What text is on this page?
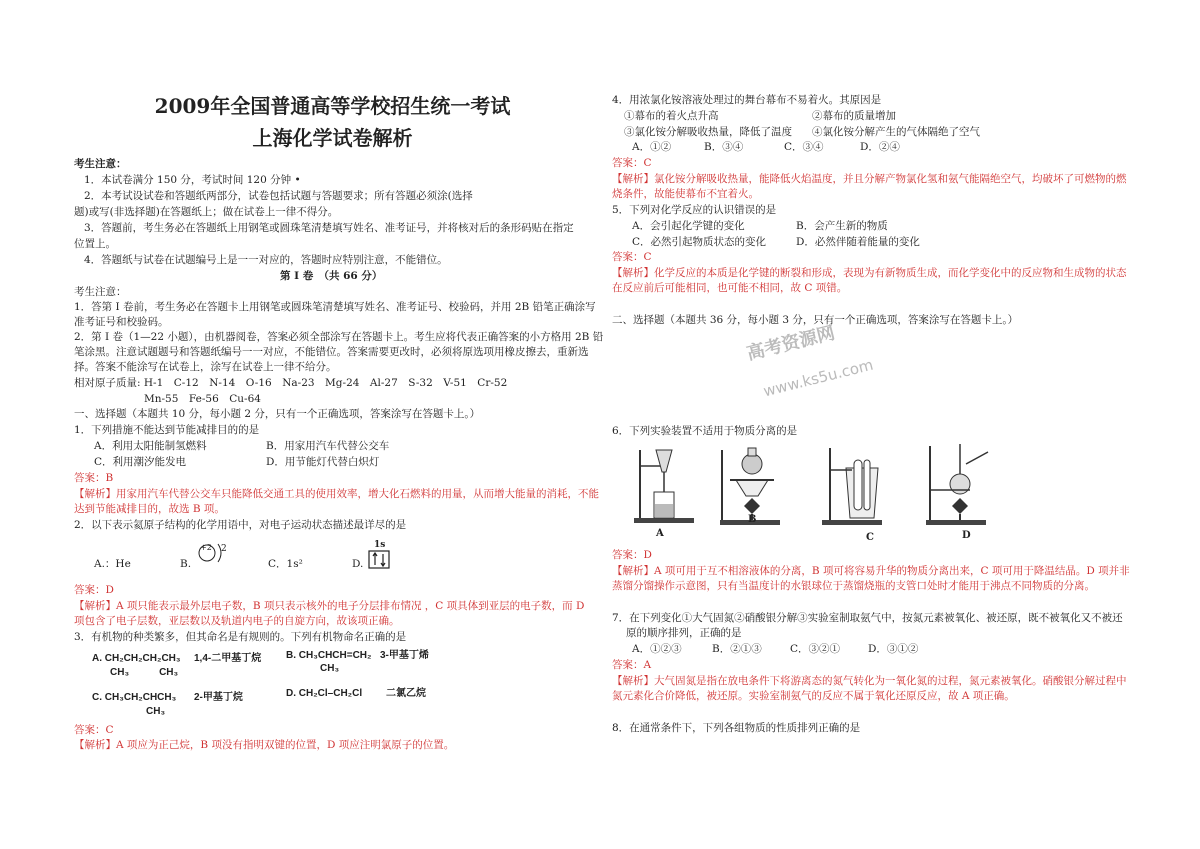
2009年全国普通高等学校招生统一考试
上海化学试卷解析
考生注意：
1．本试卷满分 150 分，考试时间 120 分钟 •
2．本考试设试卷和答题纸两部分，试卷包括试题与答题要求；所有答题必须涂(选择
题)或写(非选择题)在答题纸上；做在试卷上一律不得分。
3．答题前，考生务必在答题纸上用钢笔或圆珠笔清楚填写姓名、准考证号，并将核对后的条形码贴在指定
位置上。
4．答题纸与试卷在试题编号上是一一对应的，答题时应特别注意，不能错位。
第 I 卷　（共 66 分）
考生注意：
1．答第 I 卷前，考生务必在答题卡上用钢笔或圆珠笔清楚填写姓名、准考证号、校验码，并用 2B 铅笔正确涂写
准考证号和校验码。
2．第 I 卷（1—22 小题），由机器阅卷，答案必须全部涂写在答题卡上。考生应将代表正确答案的小方格用 2B 铅
笔涂黑。注意试题题号和答题纸编号一一对应，不能错位。答案需要更改时，必须将原选项用橡皮擦去，重新选
择。答案不能涂写在试卷上，涂写在试卷上一律不给分。
相对原子质量: H-1　C-12　N-14　O-16　Na-23　Mg-24　Al-27　S-32　V-51　Cr-52
Mn-55　Fe-56　Cu-64
一、选择题（本题共 10 分，每小题 2 分，只有一个正确选项，答案涂写在答题卡上。）
1．下列措施不能达到节能减排目的的是
A．利用太阳能制氢燃料	B．用家用汽车代替公交车
C．利用潮汐能发电	D．用节能灯代替白炽灯
答案：B
【解析】用家用汽车代替公交车只能降低交通工具的使用效率，增大化石燃料的用量，从而增大能量的消耗，不能
达到节能减排目的，故选 B 项。
2．以下表示氦原子结构的化学用语中，对电子运动状态描述最详尽的是
A.：He	B.
+2 2
C．1s²	D.
1s
答案：D
【解析】A 项只能表示最外层电子数，B 项只表示核外的电子分层排布情况 ，C 项具体到亚层的电子数，而 D
项包含了电子层数，亚层数以及轨道内电子的自旋方向，故该项正确。
3．有机物的种类繁多，但其命名是有规则的。下列有机物命名正确的是
A. CH₂CH₂CH₂CH₃
CH₃　　　CH₃
1,4-二甲基丁烷 B. CH₃CHCH=CH₂
CH₃
3-甲基丁烯
C. CH₃CH₂CHCH₃
CH₃
2-甲基丁烷	D. CH₂Cl–CH₂Cl 二氯乙烷
答案：C
【解析】A 项应为正己烷，B 项没有指明双键的位置，D 项应注明氯原子的位置。
4．用浓氯化铵溶液处理过的舞台幕布不易着火。其原因是
①幕布的着火点升高	②幕布的质量增加
③氯化铵分解吸收热量，降低了温度 ④氯化铵分解产生的气体隔绝了空气
A．①②	B．③④	C．③④	D．②④
答案：C
【解析】氯化铵分解吸收热量，能降低火焰温度，并且分解产物氯化氢和氨气能隔绝空气，均破坏了可燃物的燃
烧条件，故能使幕布不宜着火。
5．下列对化学反应的认识错误的是
A．会引起化学键的变化	B．会产生新的物质
C．必然引起物质状态的变化	D．必然伴随着能量的变化
答案：C
【解析】化学反应的本质是化学键的断裂和形成，表现为有新物质生成，而化学变化中的反应物和生成物的状态
在反应前后可能相同，也可能不相同，故 C 项错。
二、选择题（本题共 36 分，每小题 3 分，只有一个正确选项，答案涂写在答题卡上。）
高考资源网
www.ks5u.com
6．下列实验装置不适用于物质分离的是
A
B
C	D
答案：D
【解析】A 项可用于互不相溶液体的分离，B 项可将容易升华的物质分离出来，C 项可用于降温结晶。D 项并非
蒸馏分馏操作示意图，只有当温度计的水银球位于蒸馏烧瓶的支管口处时才能用于沸点不同物质的分离。
7．在下列变化①大气固氮②硝酸银分解③实验室制取氨气中，按氮元素被氧化、被还原，既不被氧化又不被还
原的顺序排列，正确的是
A．①②③	B．②①③	C．③②①	D．③①②
答案：A
【解析】大气固氮是指在放电条件下将游离态的氮气转化为一氧化氮的过程，氮元素被氧化。硝酸银分解过程中
氮元素化合价降低，被还原。实验室制氨气的反应不属于氧化还原反应，故 A 项正确。
8．在通常条件下，下列各组物质的性质排列正确的是
